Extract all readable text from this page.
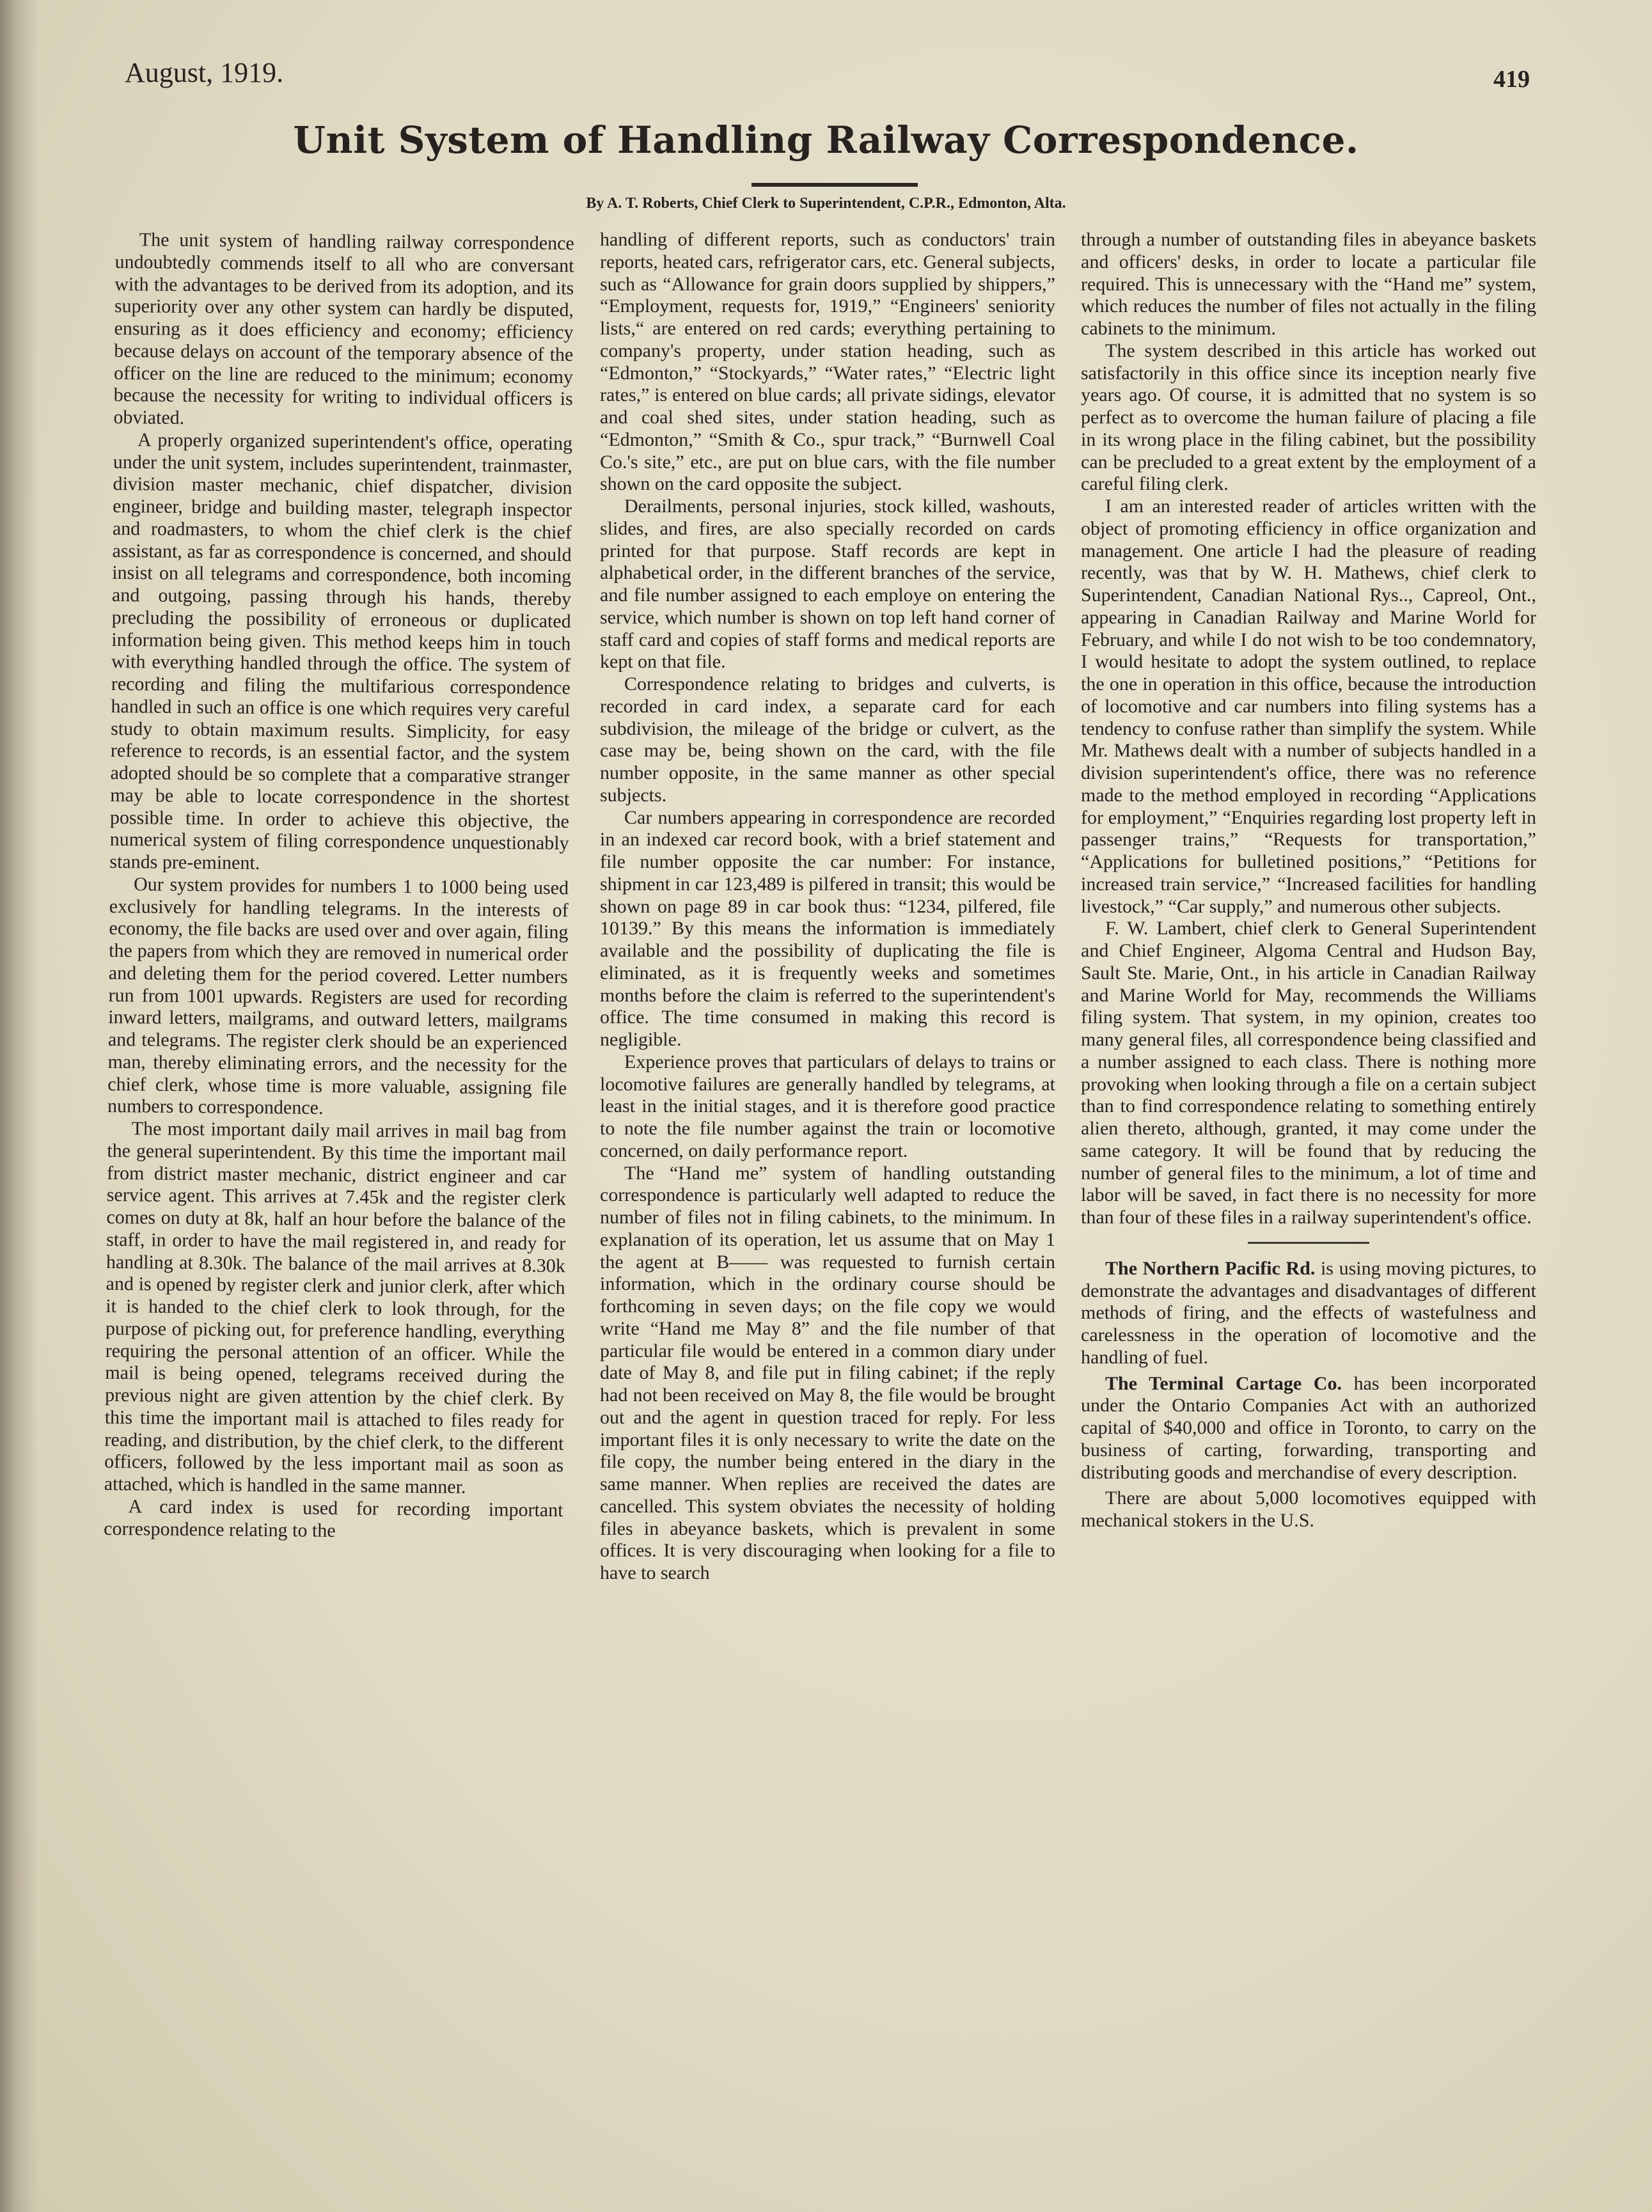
August, 1919.	419
Unit System of Handling Railway Correspondence.
By A. T. Roberts, Chief Clerk to Superintendent, C.P.R., Edmonton, Alta.

The unit system of handling railway correspondence undoubtedly commends itself to all who are conversant with the advantages to be derived from its adoption, and its superiority over any other system can hardly be disputed, ensuring as it does efficiency and economy; efficiency because delays on account of the temporary absence of the officer on the line are reduced to the minimum; economy because the necessity for writing to individual officers is obviated.

A properly organized superintendent's office, operating under the unit system, includes superintendent, trainmaster, division master mechanic, chief dispatcher, division engineer, bridge and building master, telegraph inspector and roadmasters, to whom the chief clerk is the chief assistant, as far as correspondence is concerned, and should insist on all telegrams and correspondence, both incoming and outgoing, passing through his hands, thereby precluding the possibility of erroneous or duplicated information being given. This method keeps him in touch with everything handled through the office. The system of recording and filing the multifarious correspondence handled in such an office is one which requires very careful study to obtain maximum results. Simplicity, for easy reference to records, is an essential factor, and the system adopted should be so complete that a comparative stranger may be able to locate correspondence in the shortest possible time. In order to achieve this objective, the numerical system of filing correspondence unquestionably stands pre-eminent.

Our system provides for numbers 1 to 1000 being used exclusively for handling telegrams. In the interests of economy, the file backs are used over and over again, filing the papers from which they are removed in numerical order and deleting them for the period covered. Letter numbers run from 1001 upwards. Registers are used for recording inward letters, mailgrams, and outward letters, mailgrams and telegrams. The register clerk should be an experienced man, thereby eliminating errors, and the necessity for the chief clerk, whose time is more valuable, assigning file numbers to correspondence.

The most important daily mail arrives in mail bag from the general superintendent. By this time the important mail from district master mechanic, district engineer and car service agent. This arrives at 7.45k and the register clerk comes on duty at 8k, half an hour before the balance of the staff, in order to have the mail registered in, and ready for handling at 8.30k. The balance of the mail arrives at 8.30k and is opened by register clerk and junior clerk, after which it is handed to the chief clerk to look through, for the purpose of picking out, for preference handling, everything requiring the personal attention of an officer. While the mail is being opened, telegrams received during the previous night are given attention by the chief clerk. By this time the important mail is attached to files ready for reading, and distribution, by the chief clerk, to the different officers, followed by the less important mail as soon as attached, which is handled in the same manner.

A card index is used for recording important correspondence relating to the

handling of different reports, such as conductors' train reports, heated cars, refrigerator cars, etc. General subjects, such as “Allowance for grain doors supplied by shippers,” “Employment, requests for, 1919,” “Engineers' seniority lists,“ are entered on red cards; everything pertaining to company's property, under station heading, such as “Edmonton,” “Stockyards,” “Water rates,” “Electric light rates,” is entered on blue cards; all private sidings, elevator and coal shed sites, under station heading, such as “Edmonton,” “Smith & Co., spur track,” “Burnwell Coal Co.'s site,” etc., are put on blue cars, with the file number shown on the card opposite the subject.

Derailments, personal injuries, stock killed, washouts, slides, and fires, are also specially recorded on cards printed for that purpose. Staff records are kept in alphabetical order, in the different branches of the service, and file number assigned to each employe on entering the service, which number is shown on top left hand corner of staff card and copies of staff forms and medical reports are kept on that file.

Correspondence relating to bridges and culverts, is recorded in card index, a separate card for each subdivision, the mileage of the bridge or culvert, as the case may be, being shown on the card, with the file number opposite, in the same manner as other special subjects.

Car numbers appearing in correspondence are recorded in an indexed car record book, with a brief statement and file number opposite the car number: For instance, shipment in car 123,489 is pilfered in transit; this would be shown on page 89 in car book thus: “1234, pilfered, file 10139.” By this means the information is immediately available and the possibility of duplicating the file is eliminated, as it is frequently weeks and sometimes months before the claim is referred to the superintendent's office. The time consumed in making this record is negligible.

Experience proves that particulars of delays to trains or locomotive failures are generally handled by telegrams, at least in the initial stages, and it is therefore good practice to note the file number against the train or locomotive concerned, on daily performance report.

The “Hand me” system of handling outstanding correspondence is particularly well adapted to reduce the number of files not in filing cabinets, to the minimum. In explanation of its operation, let us assume that on May 1 the agent at B—— was requested to furnish certain information, which in the ordinary course should be forthcoming in seven days; on the file copy we would write “Hand me May 8” and the file number of that particular file would be entered in a common diary under date of May 8, and file put in filing cabinet; if the reply had not been received on May 8, the file would be brought out and the agent in question traced for reply. For less important files it is only necessary to write the date on the file copy, the number being entered in the diary in the same manner. When replies are received the dates are cancelled. This system obviates the necessity of holding files in abeyance baskets, which is prevalent in some offices. It is very discouraging when looking for a file to have to search

through a number of outstanding files in abeyance baskets and officers' desks, in order to locate a particular file required. This is unnecessary with the “Hand me” system, which reduces the number of files not actually in the filing cabinets to the minimum.

The system described in this article has worked out satisfactorily in this office since its inception nearly five years ago. Of course, it is admitted that no system is so perfect as to overcome the human failure of placing a file in its wrong place in the filing cabinet, but the possibility can be precluded to a great extent by the employment of a careful filing clerk.

I am an interested reader of articles written with the object of promoting efficiency in office organization and management. One article I had the pleasure of reading recently, was that by W. H. Mathews, chief clerk to Superintendent, Canadian National Rys.., Capreol, Ont., appearing in Canadian Railway and Marine World for February, and while I do not wish to be too condemnatory, I would hesitate to adopt the system outlined, to replace the one in operation in this office, because the introduction of locomotive and car numbers into filing systems has a tendency to confuse rather than simplify the system. While Mr. Mathews dealt with a number of subjects handled in a division superintendent's office, there was no reference made to the method employed in recording “Applications for employment,” “Enquiries regarding lost property left in passenger trains,” “Requests for transportation,” “Applications for bulletined positions,” “Petitions for increased train service,” “Increased facilities for handling livestock,” “Car supply,” and numerous other subjects.

F. W. Lambert, chief clerk to General Superintendent and Chief Engineer, Algoma Central and Hudson Bay, Sault Ste. Marie, Ont., in his article in Canadian Railway and Marine World for May, recommends the Williams filing system. That system, in my opinion, creates too many general files, all correspondence being classified and a number assigned to each class. There is nothing more provoking when looking through a file on a certain subject than to find correspondence relating to something entirely alien thereto, although, granted, it may come under the same category. It will be found that by reducing the number of general files to the minimum, a lot of time and labor will be saved, in fact there is no necessity for more than four of these files in a railway superintendent's office.

The Northern Pacific Rd. is using moving pictures, to demonstrate the advantages and disadvantages of different methods of firing, and the effects of wastefulness and carelessness in the operation of locomotive and the handling of fuel.

The Terminal Cartage Co. has been incorporated under the Ontario Companies Act with an authorized capital of $40,000 and office in Toronto, to carry on the business of carting, forwarding, transporting and distributing goods and merchandise of every description.

There are about 5,000 locomotives equipped with mechanical stokers in the U.S.
